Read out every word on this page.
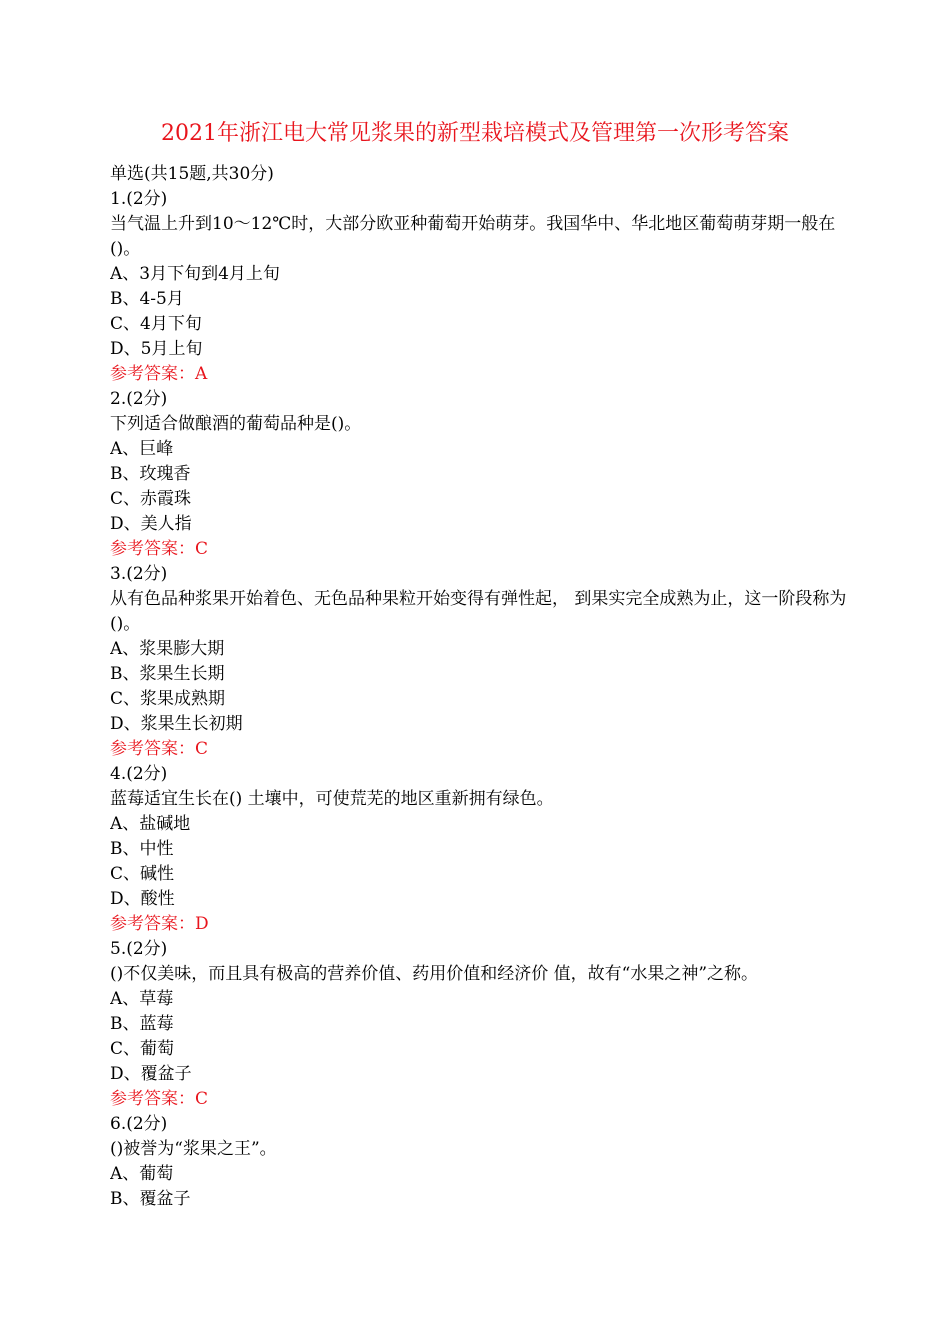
2021年浙江电大常见浆果的新型栽培模式及管理第一次形考答案
单选(共15题,共30分)
1.(2分)
当气温上升到10～12℃时，大部分欧亚种葡萄开始萌芽。我国华中、华北地区葡萄萌芽期一般在()。
A、3月下旬到4月上旬
B、4-5月
C、4月下旬
D、5月上旬
参考答案：A
2.(2分)
下列适合做酿酒的葡萄品种是()。
A、巨峰
B、玫瑰香
C、赤霞珠
D、美人指
参考答案：C
3.(2分)
从有色品种浆果开始着色、无色品种果粒开始变得有弹性起， 到果实完全成熟为止，这一阶段称为()。
A、浆果膨大期
B、浆果生长期
C、浆果成熟期
D、浆果生长初期
参考答案：C
4.(2分)
蓝莓适宜生长在() 土壤中，可使荒芜的地区重新拥有绿色。
A、盐碱地
B、中性
C、碱性
D、酸性
参考答案：D
5.(2分)
()不仅美味，而且具有极高的营养价值、药用价值和经济价 值，故有“水果之神”之称。
A、草莓
B、蓝莓
C、葡萄
D、覆盆子
参考答案：C
6.(2分)
()被誉为“浆果之王”。
A、葡萄
B、覆盆子
